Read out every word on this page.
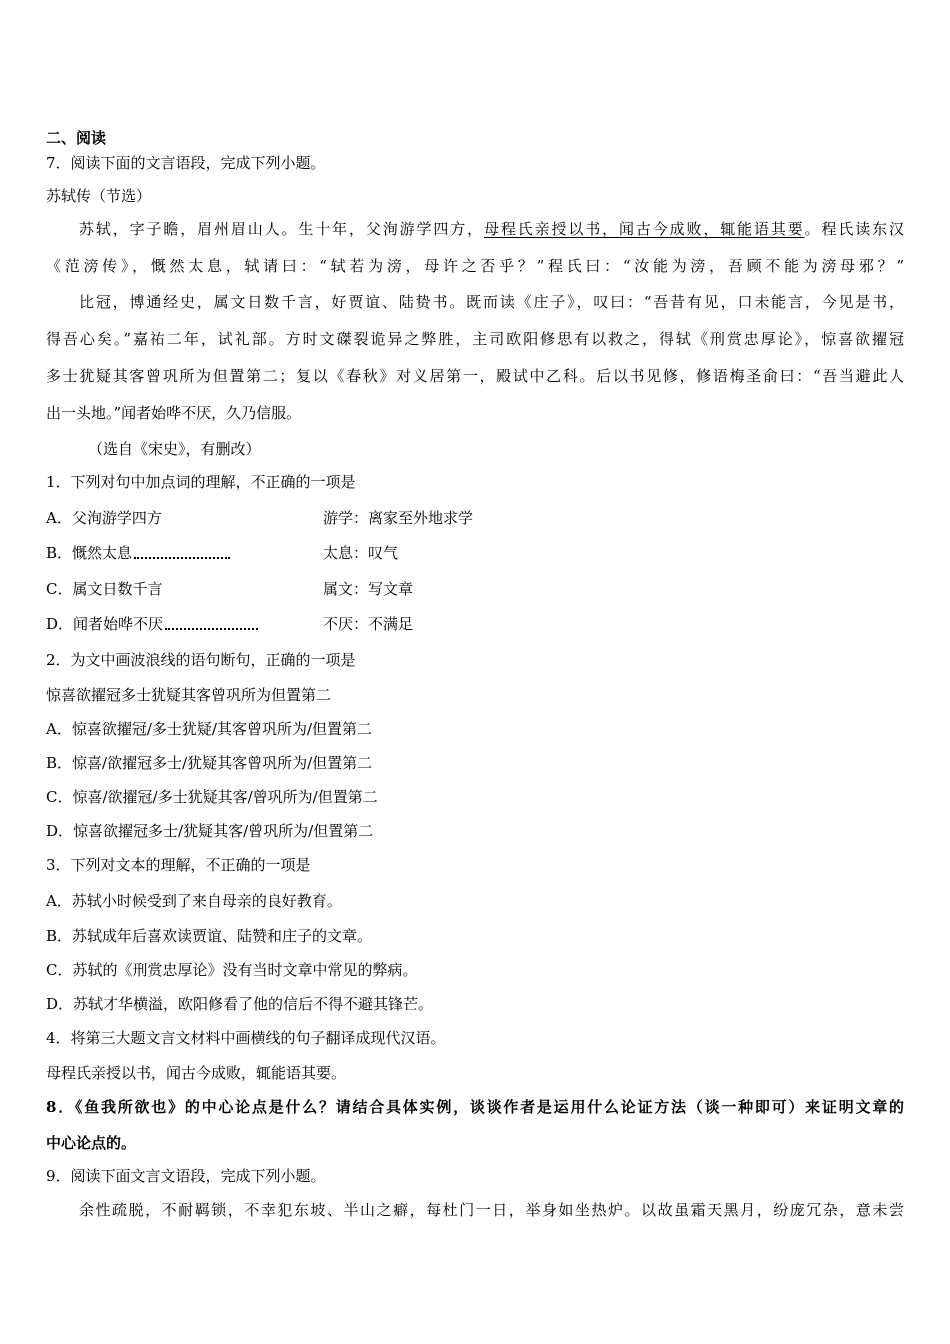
二、阅读
7．阅读下面的文言语段，完成下列小题。
苏轼传（节选）
苏轼，字子瞻，眉州眉山人。生十年，父洵游学四方，母程氏亲授以书，闻古今成败，辄能语其要。程氏读东汉
《范滂传》，慨然太息，轼请曰：“轼若为滂，母许之否乎？”程氏曰：“汝能为滂，吾顾不能为滂母邪？”
比冠，博通经史，属文日数千言，好贾谊、陆贽书。既而读《庄子》，叹曰：“吾昔有见，口未能言，今见是书，
得吾心矣。”嘉祐二年，试礼部。方时文磔裂诡异之弊胜，主司欧阳修思有以救之，得轼《刑赏忠厚论》，惊喜欲擢冠
多士犹疑其客曾巩所为但置第二；复以《春秋》对义居第一，殿试中乙科。后以书见修，修语梅圣俞曰：“吾当避此人
出一头地。”闻者始哗不厌，久乃信服。
（选自《宋史》，有删改）
1．下列对句中加点词的理解，不正确的一项是
A．父洵游学四方	游学：离家至外地求学
B．慨然太息	太息：叹气
C．属文日数千言	属文：写文章
D．闻者始哗不厌	不厌：不满足
2．为文中画波浪线的语句断句，正确的一项是
惊喜欲擢冠多士犹疑其客曾巩所为但置第二
A．惊喜欲擢冠/多士犹疑/其客曾巩所为/但置第二
B．惊喜/欲擢冠多士/犹疑其客曾巩所为/但置第二
C．惊喜/欲擢冠/多士犹疑其客/曾巩所为/但置第二
D．惊喜欲擢冠多士/犹疑其客/曾巩所为/但置第二
3．下列对文本的理解，不正确的一项是
A．苏轼小时候受到了来自母亲的良好教育。
B．苏轼成年后喜欢读贾谊、陆赞和庄子的文章。
C．苏轼的《刑赏忠厚论》没有当时文章中常见的弊病。
D．苏轼才华横溢，欧阳修看了他的信后不得不避其锋芒。
4．将第三大题文言文材料中画横线的句子翻译成现代汉语。
母程氏亲授以书，闻古今成败，辄能语其要。
8．《鱼我所欲也》的中心论点是什么？请结合具体实例，谈谈作者是运用什么论证方法（谈一种即可）来证明文章的
中心论点的。
9．阅读下面文言文语段，完成下列小题。
余性疏脱，不耐羁锁，不幸犯东坡、半山之癖，每杜门一日，举身如坐热炉。以故虽霜天黑月，纷庞冗杂，意未尝
